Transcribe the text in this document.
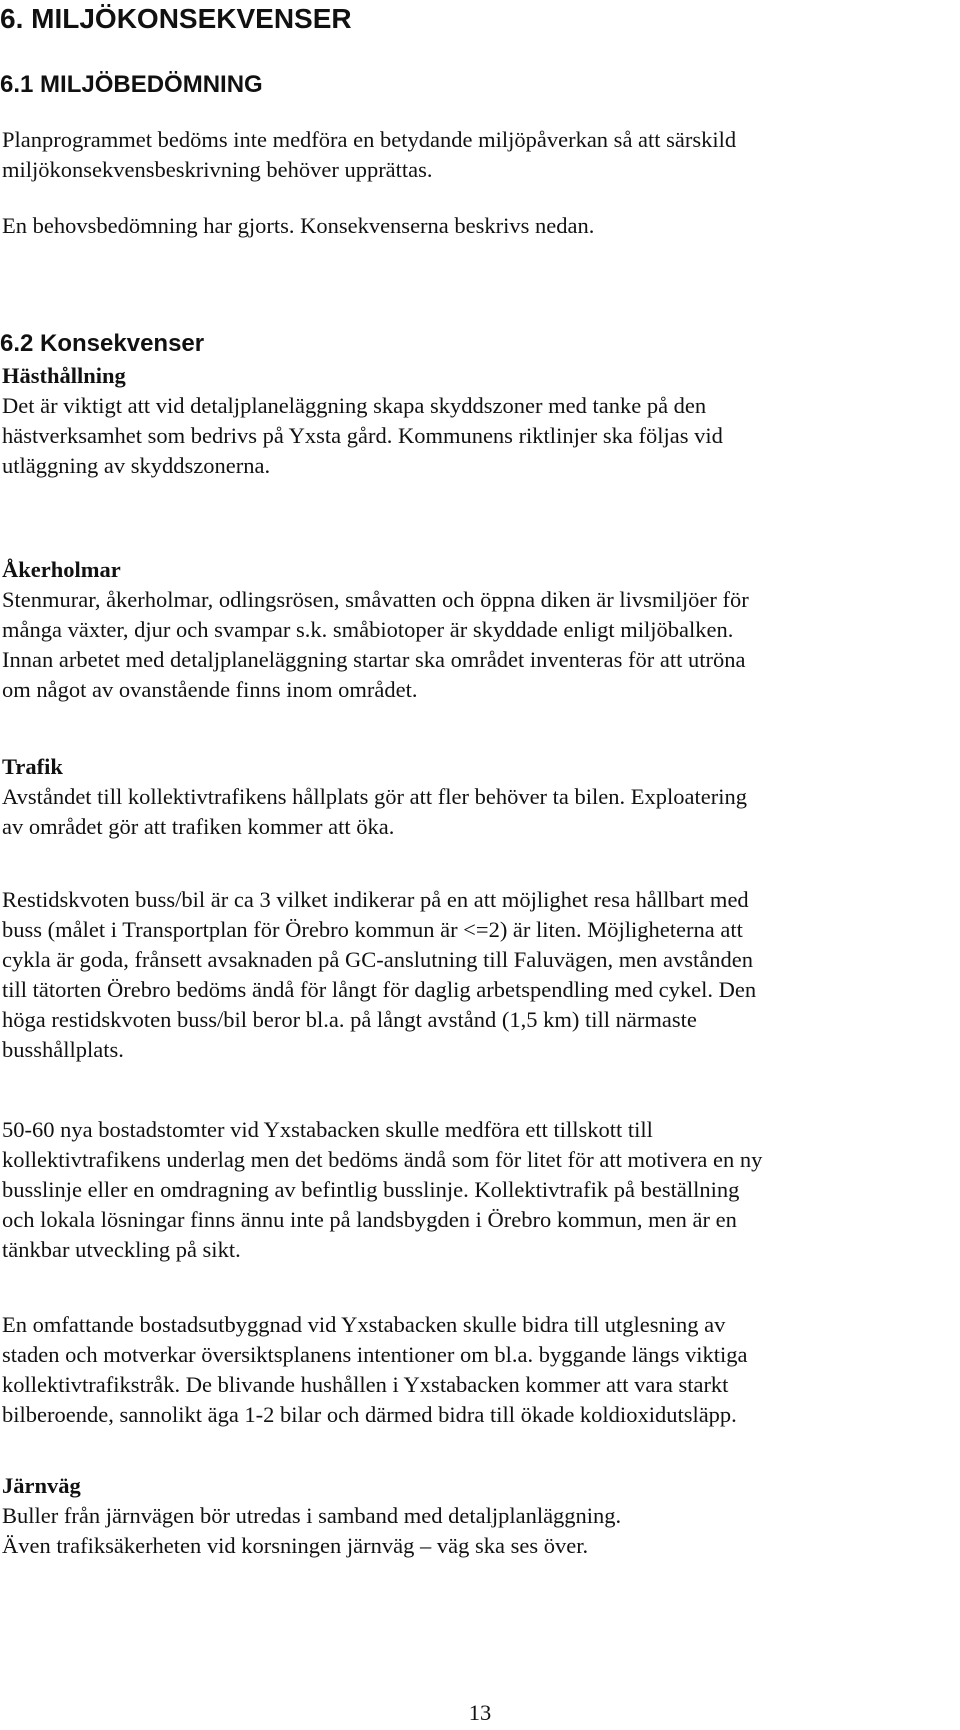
6. MILJÖKONSEKVENSER
6.1 MILJÖBEDÖMNING

Planprogrammet bedöms inte medföra en betydande miljöpåverkan så att särskild
miljökonsekvensbeskrivning behöver upprättas.

En behovsbedömning har gjorts. Konsekvenserna beskrivs nedan.

6.2 Konsekvenser
Hästhållning
Det är viktigt att vid detaljplaneläggning skapa skyddszoner med tanke på den
hästverksamhet som bedrivs på Yxsta gård. Kommunens riktlinjer ska följas vid
utläggning av skyddszonerna.
Åkerholmar
Stenmurar, åkerholmar, odlingsrösen, småvatten och öppna diken är livsmiljöer för
många växter, djur och svampar s.k. småbiotoper är skyddade enligt miljöbalken.
Innan arbetet med detaljplaneläggning startar ska området inventeras för att utröna
om något av ovanstående finns inom området.
Trafik
Avståndet till kollektivtrafikens hållplats gör att fler behöver ta bilen. Exploatering
av området gör att trafiken kommer att öka.

Restidskvoten buss/bil är ca 3 vilket indikerar på en att möjlighet resa hållbart med
buss (målet i Transportplan för Örebro kommun är <=2) är liten. Möjligheterna att
cykla är goda, frånsett avsaknaden på GC-anslutning till Faluvägen, men avstånden
till tätorten Örebro bedöms ändå för långt för daglig arbetspendling med cykel. Den
höga restidskvoten buss/bil beror bl.a. på långt avstånd (1,5 km) till närmaste
busshållplats.

50-60 nya bostadstomter vid Yxstabacken skulle medföra ett tillskott till
kollektivtrafikens underlag men det bedöms ändå som för litet för att motivera en ny
busslinje eller en omdragning av befintlig busslinje. Kollektivtrafik på beställning
och lokala lösningar finns ännu inte på landsbygden i Örebro kommun, men är en
tänkbar utveckling på sikt.

En omfattande bostadsutbyggnad vid Yxstabacken skulle bidra till utglesning av
staden och motverkar översiktsplanens intentioner om bl.a. byggande längs viktiga
kollektivtrafikstråk. De blivande hushållen i Yxstabacken kommer att vara starkt
bilberoende, sannolikt äga 1-2 bilar och därmed bidra till ökade koldioxidutsläpp.

Järnväg
Buller från järnvägen bör utredas i samband med detaljplanläggning.
Även trafiksäkerheten vid korsningen järnväg – väg ska ses över.
13
